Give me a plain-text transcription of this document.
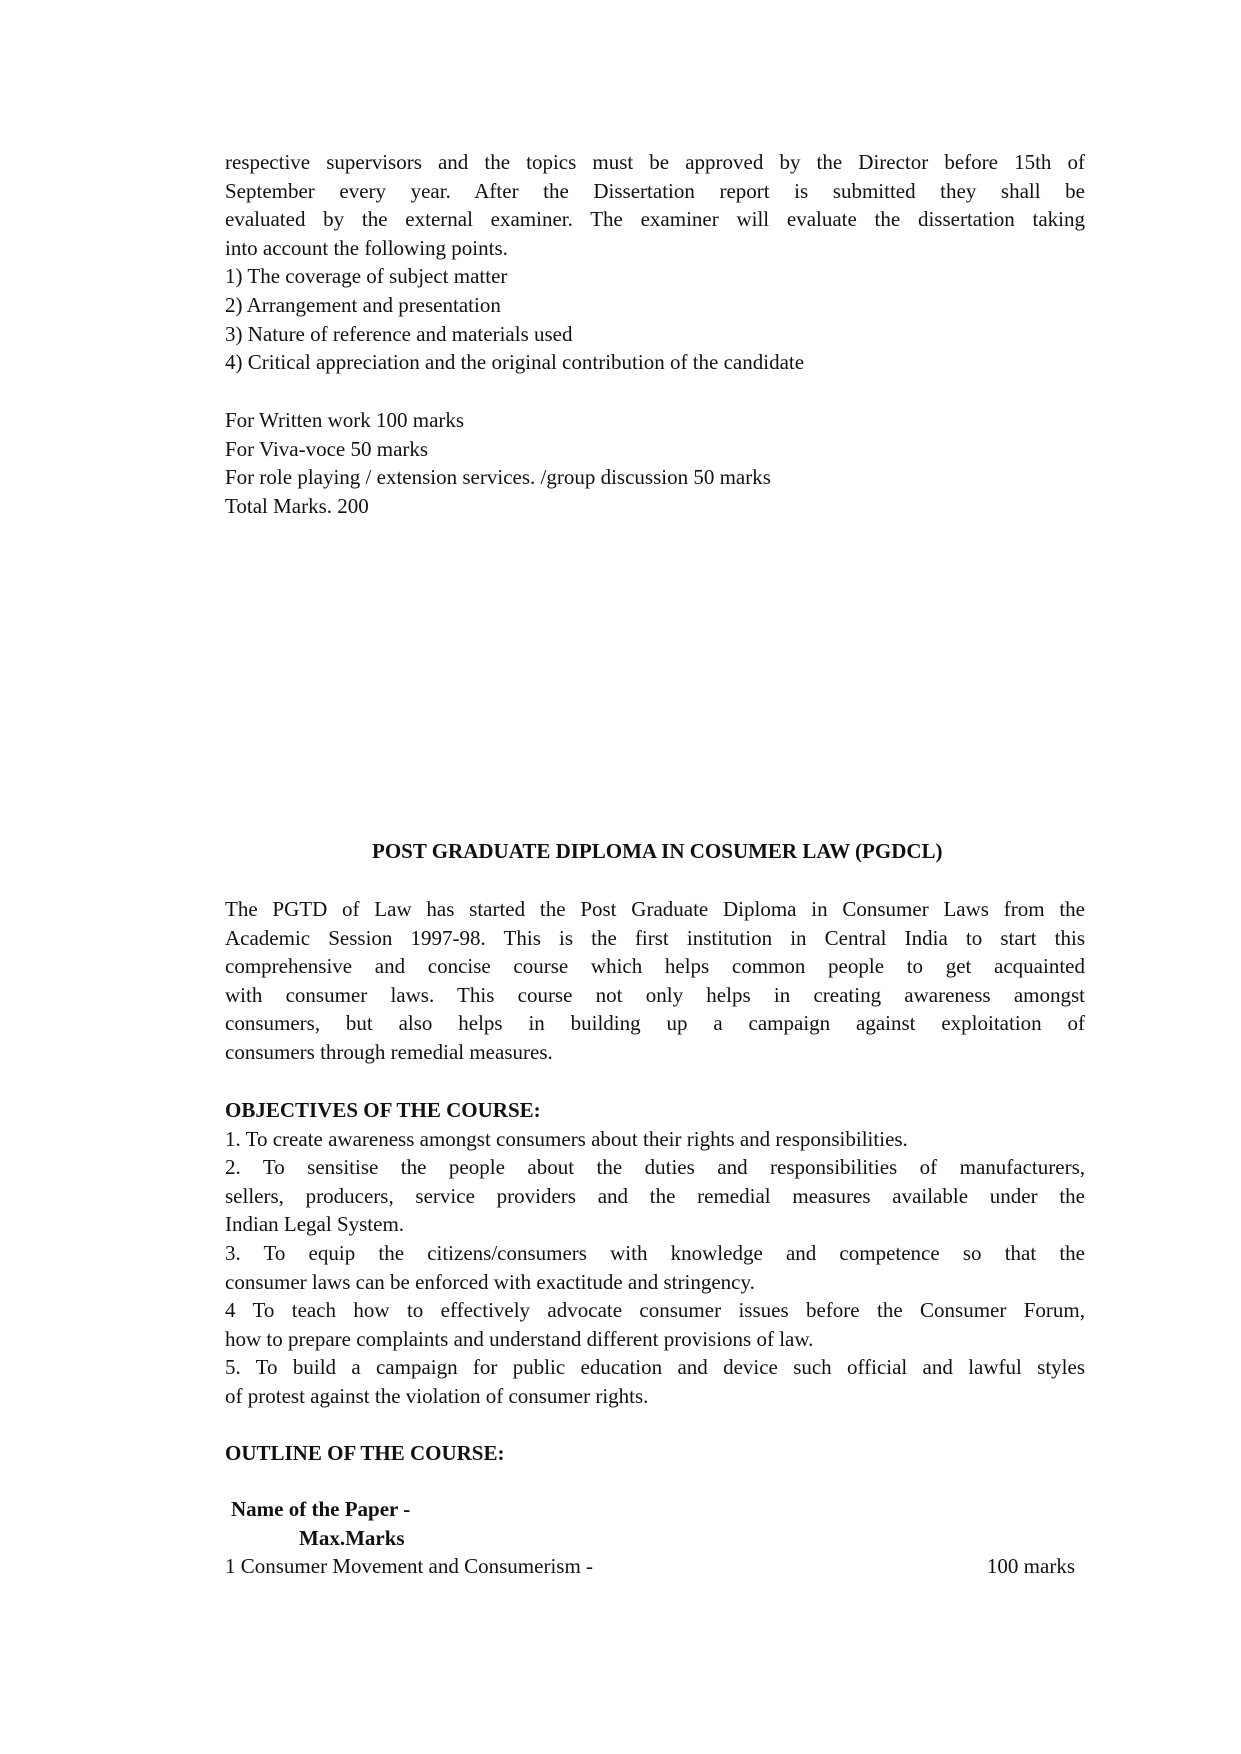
respective supervisors and the topics must be approved by the Director before 15th of
September every year. After the Dissertation report is submitted they shall be
evaluated by the external examiner. The examiner will evaluate the dissertation taking
into account the following points.
1) The coverage of subject matter
2) Arrangement and presentation
3) Nature of reference and materials used
4) Critical appreciation and the original contribution of the candidate
For Written work 100 marks
For Viva-voce 50 marks
For role playing / extension services. /group discussion 50 marks
Total Marks. 200
POST GRADUATE DIPLOMA IN COSUMER LAW (PGDCL)
The PGTD of Law has started the Post Graduate Diploma in Consumer Laws from the
Academic Session 1997-98. This is the first institution in Central India to start this
comprehensive and concise course which helps common people to get acquainted
with consumer laws. This course not only helps in creating awareness amongst
consumers, but also helps in building up a campaign against exploitation of
consumers through remedial measures.
OBJECTIVES OF THE COURSE:
1. To create awareness amongst consumers about their rights and responsibilities.
2. To sensitise the people about the duties and responsibilities of manufacturers,
sellers, producers, service providers and the remedial measures available under the
Indian Legal System.
3. To equip the citizens/consumers with knowledge and competence so that the
consumer laws can be enforced with exactitude and stringency.
4 To teach how to effectively advocate consumer issues before the Consumer Forum,
how to prepare complaints and understand different provisions of law.
5. To build a campaign for public education and device such official and lawful styles
of protest against the violation of consumer rights.
OUTLINE OF THE COURSE:
Name of the Paper -
Max.Marks
1 Consumer Movement and Consumerism -	100 marks
